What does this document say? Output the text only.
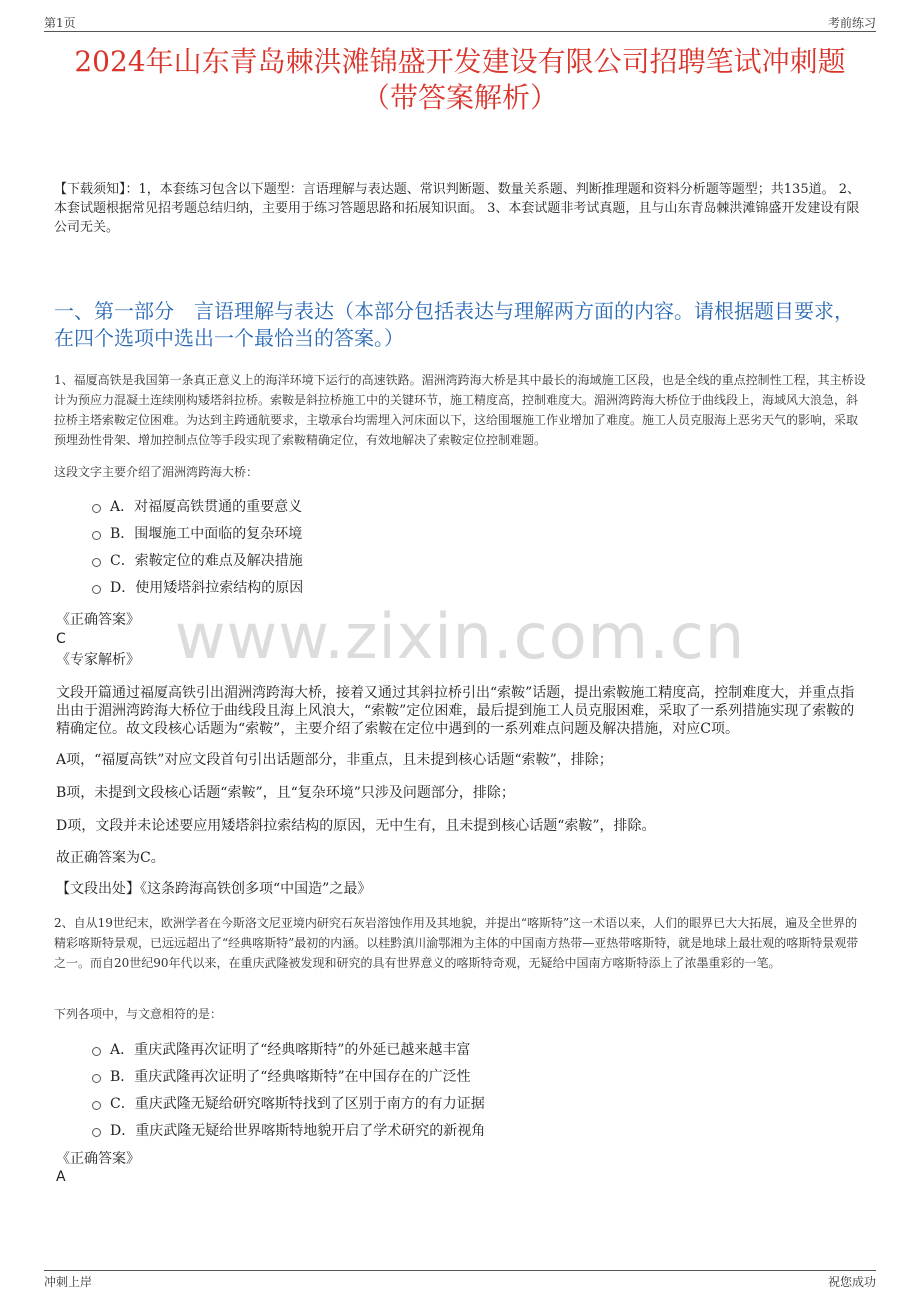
第1页	考前练习
2024年山东青岛棘洪滩锦盛开发建设有限公司招聘笔试冲刺题
（带答案解析）
【下载须知】：1，本套练习包含以下题型：言语理解与表达题、常识判断题、数量关系题、判断推理题和资料分析题等题型；共135道。 2、本套试题根据常见招考题总结归纳，主要用于练习答题思路和拓展知识面。 3、本套试题非考试真题，且与山东青岛棘洪滩锦盛开发建设有限公司无关。
一、第一部分　言语理解与表达（本部分包括表达与理解两方面的内容。请根据题目要求，在四个选项中选出一个最恰当的答案。）
1、福厦高铁是我国第一条真正意义上的海洋环境下运行的高速铁路。湄洲湾跨海大桥是其中最长的海域施工区段，也是全线的重点控制性工程，其主桥设计为预应力混凝土连续刚构矮塔斜拉桥。索鞍是斜拉桥施工中的关键环节，施工精度高，控制难度大。湄洲湾跨海大桥位于曲线段上，海域风大浪急，斜拉桥主塔索鞍定位困难。为达到主跨通航要求，主墩承台均需埋入河床面以下，这给围堰施工作业增加了难度。施工人员克服海上恶劣天气的影响，采取预埋劲性骨架、增加控制点位等手段实现了索鞍精确定位，有效地解决了索鞍定位控制难题。
这段文字主要介绍了湄洲湾跨海大桥：
A．对福厦高铁贯通的重要意义
B．围堰施工中面临的复杂环境
C．索鞍定位的难点及解决措施
D．使用矮塔斜拉索结构的原因
《正确答案》
C
《专家解析》
文段开篇通过福厦高铁引出湄洲湾跨海大桥，接着又通过其斜拉桥引出“索鞍”话题，提出索鞍施工精度高，控制难度大，并重点指出由于湄洲湾跨海大桥位于曲线段且海上风浪大，“索鞍”定位困难，最后提到施工人员克服困难，采取了一系列措施实现了索鞍的精确定位。故文段核心话题为“索鞍”，主要介绍了索鞍在定位中遇到的一系列难点问题及解决措施，对应C项。
A项，“福厦高铁”对应文段首句引出话题部分，非重点，且未提到核心话题“索鞍”，排除；
B项，未提到文段核心话题“索鞍”，且“复杂环境”只涉及问题部分，排除；
D项，文段并未论述要应用矮塔斜拉索结构的原因，无中生有，且未提到核心话题“索鞍”，排除。
故正确答案为C。
【文段出处】《这条跨海高铁创多项“中国造”之最》
2、自从19世纪末，欧洲学者在今斯洛文尼亚境内研究石灰岩溶蚀作用及其地貌，并提出“喀斯特”这一术语以来，人们的眼界已大大拓展，遍及全世界的精彩喀斯特景观，已远远超出了“经典喀斯特”最初的内涵。以桂黔滇川渝鄂湘为主体的中国南方热带—亚热带喀斯特，就是地球上最壮观的喀斯特景观带之一。而自20世纪90年代以来，在重庆武隆被发现和研究的具有世界意义的喀斯特奇观，无疑给中国南方喀斯特添上了浓墨重彩的一笔。
下列各项中，与文意相符的是：
A．重庆武隆再次证明了“经典喀斯特”的外延已越来越丰富
B．重庆武隆再次证明了“经典喀斯特”在中国存在的广泛性
C．重庆武隆无疑给研究喀斯特找到了区别于南方的有力证据
D．重庆武隆无疑给世界喀斯特地貌开启了学术研究的新视角
《正确答案》
A
www.zixin.com.cn
冲刺上岸	祝您成功
